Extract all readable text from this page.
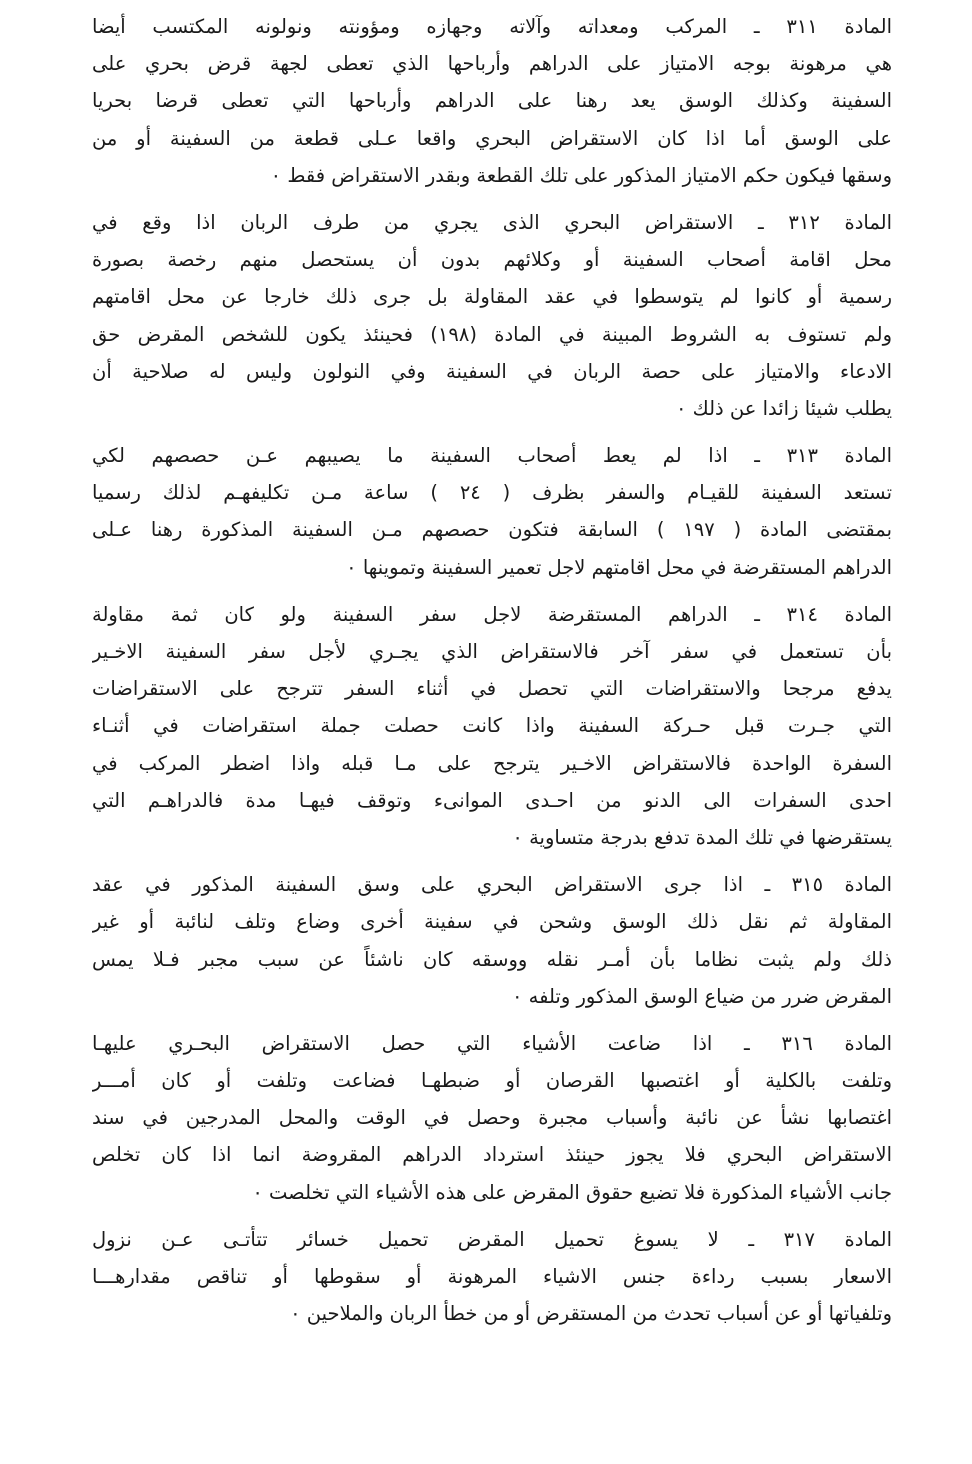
المادة ٣١١ ـ المركب ومعداته وآلاته وجهازه ومؤونته ونولونه المكتسب أيضا
هي مرهونة بوجه الامتياز على الدراهم وأرباحها الذي تعطى لجهة قرض بحري على
السفينة وكذلك الوسق يعد رهنا على الدراهم وأرباحها التي تعطى قرضا بحريا
على الوسق أما اذا كان الاستقراض البحري واقعا عـلى قطعة من السفينة أو من
وسقها فيكون حكم الامتياز المذكور على تلك القطعة وبقدر الاستقراض فقط ٠
المادة ٣١٢ ـ الاستقراض البحري الذى يجري من طرف الربان اذا وقع في
محل اقامة أصحاب السفينة أو وكلائهم بدون أن يستحصل منهم رخصة بصورة
رسمية أو كانوا لم يتوسطوا في عقد المقاولة بل جرى ذلك خارجا عن محل اقامتهم
ولم تستوف به الشروط المبينة في المادة (١٩٨) فحينئذ يكون للشخص المقرض حق
الادعاء والامتياز على حصة الربان في السفينة وفي النولون وليس له صلاحية أن
يطلب شيئا زائدا عن ذلك ٠
المادة ٣١٣ ـ اذا لم يعط أصحاب السفينة ما يصيبهم عـن حصصهم لكي
تستعد السفينة للقيـام والسفر بظرف ( ٢٤ ) ساعة مـن تكليفهـم لذلك رسميا
بمقتضى المادة ( ١٩٧ ) السابقة فتكون حصصهم مـن السفينة المذكورة رهنا عـلى
الدراهم المستقرضة في محل اقامتهم لاجل تعمير السفينة وتموينها ٠
المادة ٣١٤ ـ الدراهم المستقرضة لاجل سفر السفينة ولو كان ثمة مقاولة
بأن تستعمل في سفر آخر فالاستقراض الذي يجـري لأجل سفر السفينة الاخـير
يدفع مرجحا والاستقراضات التي تحصل في أثناء السفر تترجح على الاستقراضات
التي جـرت قبل حـركة السفينة واذا كانت حصلت جملة استقراضات في أثنـاء
السفرة الواحدة فالاستقراض الاخـير يترجح على مـا قبله واذا اضطر المركب في
احدى السفرات الى الدنو من احـدى الموانىء وتوقف فيهـا مدة فالدراهـم التي
يستقرضها في تلك المدة تدفع بدرجة متساوية ٠
المادة ٣١٥ ـ اذا جرى الاستقراض البحري على وسق السفينة المذكور في عقد
المقاولة ثم نقل ذلك الوسق وشحن في سفينة أخرى وضاع وتلف لنائبة أو غير
ذلك ولم يثبت نظاما بأن أمـر نقله ووسقه كان ناشئاً عن سبب مجبر فـلا يمس
المقرض ضرر من ضياع الوسق المذكور وتلفه ٠
المادة ٣١٦ ـ اذا ضاعت الأشياء التي حصل الاستقراض البحـري عليهـا
وتلفت بالكلية أو اغتصبها القرصان أو ضبطهـا فضاعت وتلفت أو كان أمـــر
اغتصابها نشأ عن نائبة وأسباب مجبرة وحصل في الوقت والمحل المدرجين في سند
الاستقراض البحري فلا يجوز حينئذ استرداد الدراهم المقروضة انما اذا كان تخلص
جانب الأشياء المذكورة فلا تضيع حقوق المقرض على هذه الأشياء التي تخلصت ٠
المادة ٣١٧ ـ لا يسوغ تحميل المقرض تحميل خسائر تتأتـى عـن نزول
الاسعار بسبب رداءة جنس الاشياء المرهونة أو سقوطها أو تناقص مقدارهـــا
وتلفياتها أو عن أسباب تحدث من المستقرض أو من خطأ الربان والملاحين ٠
